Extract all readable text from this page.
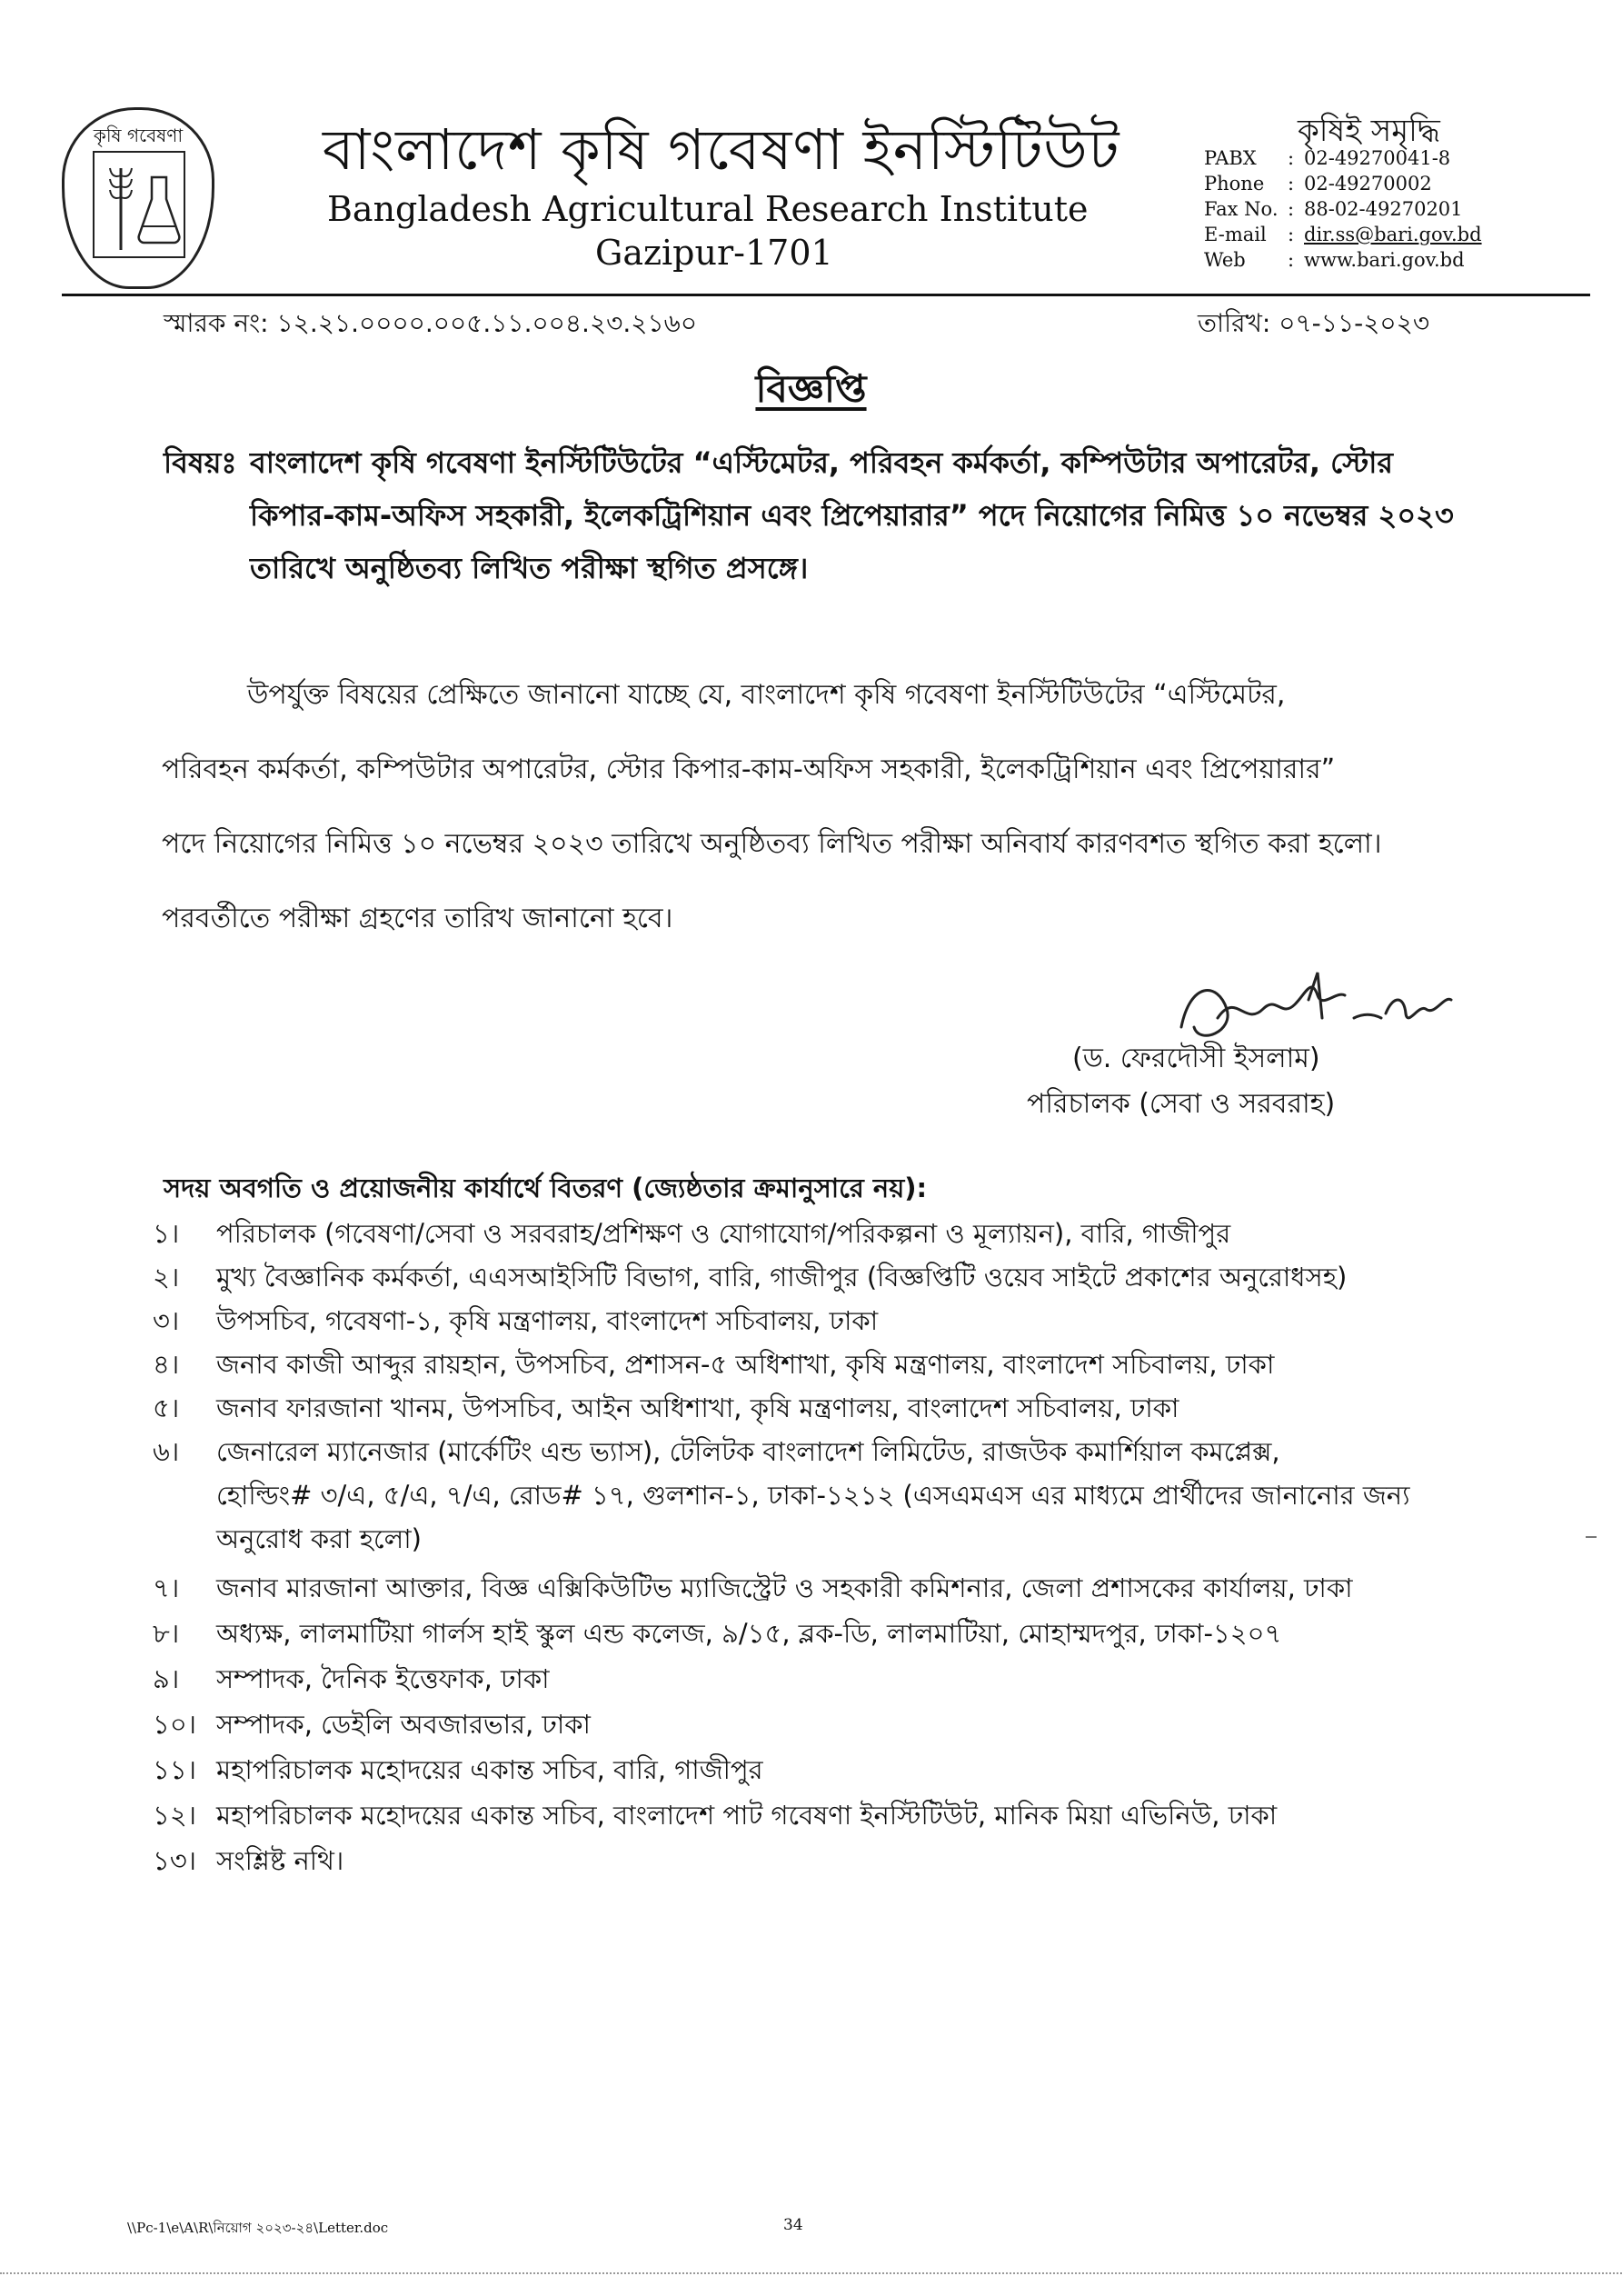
কৃষি গবেষণা	বাংলাদেশ কৃষি গবেষণা ইনস্টিটিউট
Bangladesh Agricultural Research Institute
Gazipur-1701
কৃষিই সমৃদ্ধি
PABX	: 02-49270041-8
Phone	: 02-49270002
Fax No. : 88-02-49270201
E-mail	: dir.ss@bari.gov.bd
Web	: www.bari.gov.bd
স্মারক নং: ১২.২১.০০০০.০০৫.১১.০০৪.২৩.২১৬০	তারিখ: ০৭-১১-২০২৩
বিজ্ঞপ্তি
বিষয়ঃ বাংলাদেশ কৃষি গবেষণা ইনস্টিটিউটের “এস্টিমেটর, পরিবহন কর্মকর্তা, কম্পিউটার অপারেটর, স্টোর
কিপার-কাম-অফিস সহকারী, ইলেকট্রিশিয়ান এবং প্রিপেয়ারার” পদে নিয়োগের নিমিত্ত ১০ নভেম্বর ২০২৩
তারিখে অনুষ্ঠিতব্য লিখিত পরীক্ষা স্থগিত প্রসঙ্গে।
উপর্যুক্ত বিষয়ের প্রেক্ষিতে জানানো যাচ্ছে যে, বাংলাদেশ কৃষি গবেষণা ইনস্টিটিউটের “এস্টিমেটর,
পরিবহন কর্মকর্তা, কম্পিউটার অপারেটর, স্টোর কিপার-কাম-অফিস সহকারী, ইলেকট্রিশিয়ান এবং প্রিপেয়ারার”
পদে নিয়োগের নিমিত্ত ১০ নভেম্বর ২০২৩ তারিখে অনুষ্ঠিতব্য লিখিত পরীক্ষা অনিবার্য কারণবশত স্থগিত করা হলো।
পরবর্তীতে পরীক্ষা গ্রহণের তারিখ জানানো হবে।
(ড. ফেরদৌসী ইসলাম)
পরিচালক (সেবা ও সরবরাহ)
সদয় অবগতি ও প্রয়োজনীয় কার্যার্থে বিতরণ (জ্যেষ্ঠতার ক্রমানুসারে নয়):
১। পরিচালক (গবেষণা/সেবা ও সরবরাহ/প্রশিক্ষণ ও যোগাযোগ/পরিকল্পনা ও মূল্যায়ন), বারি, গাজীপুর
২। মুখ্য বৈজ্ঞানিক কর্মকর্তা, এএসআইসিটি বিভাগ, বারি, গাজীপুর (বিজ্ঞপ্তিটি ওয়েব সাইটে প্রকাশের অনুরোধসহ)
৩। উপসচিব, গবেষণা-১, কৃষি মন্ত্রণালয়, বাংলাদেশ সচিবালয়, ঢাকা
৪। জনাব কাজী আব্দুর রায়হান, উপসচিব, প্রশাসন-৫ অধিশাখা, কৃষি মন্ত্রণালয়, বাংলাদেশ সচিবালয়, ঢাকা
৫। জনাব ফারজানা খানম, উপসচিব, আইন অধিশাখা, কৃষি মন্ত্রণালয়, বাংলাদেশ সচিবালয়, ঢাকা
৬। জেনারেল ম্যানেজার (মার্কেটিং এন্ড ভ্যাস), টেলিটক বাংলাদেশ লিমিটেড, রাজউক কমার্শিয়াল কমপ্লেক্স,
হোল্ডিং# ৩/এ, ৫/এ, ৭/এ, রোড# ১৭, গুলশান-১, ঢাকা-১২১২ (এসএমএস এর মাধ্যমে প্রার্থীদের জানানোর জন্য
অনুরোধ করা হলো)
৭। জনাব মারজানা আক্তার, বিজ্ঞ এক্সিকিউটিভ ম্যাজিস্ট্রেট ও সহকারী কমিশনার, জেলা প্রশাসকের কার্যালয়, ঢাকা
৮। অধ্যক্ষ, লালমাটিয়া গার্লস হাই স্কুল এন্ড কলেজ, ৯/১৫, ব্লক-ডি, লালমাটিয়া, মোহাম্মদপুর, ঢাকা-১২০৭
৯। সম্পাদক, দৈনিক ইত্তেফাক, ঢাকা
১০। সম্পাদক, ডেইলি অবজারভার, ঢাকা
১১। মহাপরিচালক মহোদয়ের একান্ত সচিব, বারি, গাজীপুর
১২। মহাপরিচালক মহোদয়ের একান্ত সচিব, বাংলাদেশ পাট গবেষণা ইনস্টিটিউট, মানিক মিয়া এভিনিউ, ঢাকা
১৩। সংশ্লিষ্ট নথি।
\\Pc-1\e\A\R\নিয়োগ ২০২৩-২৪\Letter.doc	34
